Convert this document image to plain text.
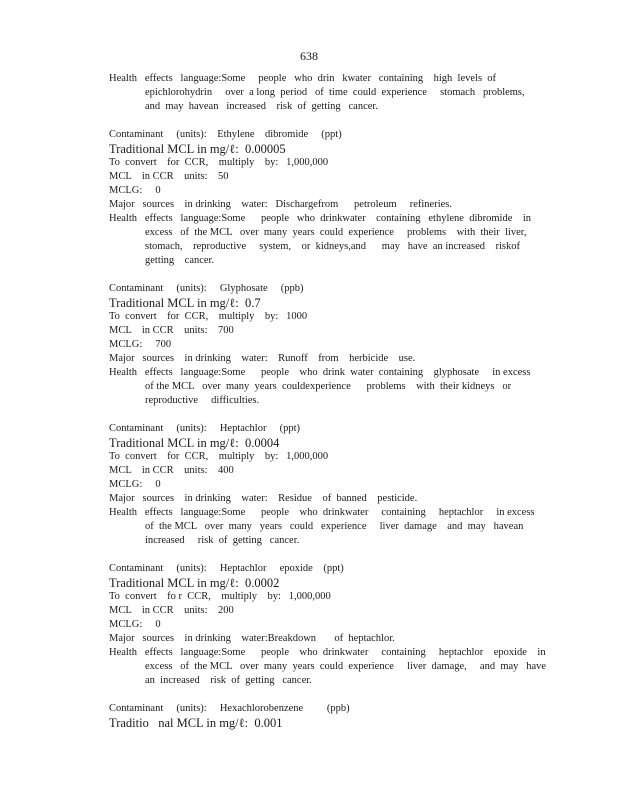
638
Health   effects   language:Some     people   who  drin   kwater   containing    high  levels  of
epichlorohydrin     over  a long  period   of  time  could  experience     stomach   problems,
and  may  havean   increased    risk  of  getting   cancer.
Contaminant     (units):    Ethylene    dibromide     (ppt)
Traditional MCL in mg/ℓ:  0.00005
To  convert    for  CCR,    multiply    by:   1,000,000
MCL    in CCR    units:    50
MCLG:     0
Major   sources    in drinking    water:   Dischargefrom      petroleum     refineries.
Health   effects   language:Some      people   who  drinkwater    containing   ethylene  dibromide    in
excess   of  the MCL   over  many  years  could  experience     problems    with  their  liver,
stomach,    reproductive     system,    or  kidneys,and      may   have  an increased    riskof
getting    cancer.
Contaminant     (units):     Glyphosate     (ppb)
Traditional MCL in mg/ℓ:  0.7
To  convert    for  CCR,    multiply    by:   1000
MCL    in CCR    units:    700
MCLG:     700
Major   sources    in drinking    water:    Runoff    from    herbicide    use.
Health   effects   language:Some      people    who  drink  water  containing    glyphosate     in excess
of the MCL   over  many  years  couldexperience      problems    with  their kidneys   or
reproductive     difficulties.
Contaminant     (units):     Heptachlor     (ppt)
Traditional MCL in mg/ℓ:  0.0004
To  convert    for  CCR,    multiply    by:   1,000,000
MCL    in CCR    units:    400
MCLG:     0
Major   sources    in drinking    water:    Residue    of  banned    pesticide.
Health   effects   language:Some      people    who  drinkwater     containing     heptachlor     in excess
of  the MCL   over  many   years   could   experience     liver  damage    and  may   havean
increased     risk  of  getting   cancer.
Contaminant     (units):     Heptachlor     epoxide    (ppt)
Traditional MCL in mg/ℓ:  0.0002
To  convert    fo r  CCR,    multiply    by:   1,000,000
MCL    in CCR    units:    200
MCLG:     0
Major   sources    in drinking    water:Breakdown       of  heptachlor.
Health   effects   language:Some      people    who  drinkwater     containing     heptachlor    epoxide    in
excess   of  the MCL   over  many  years  could  experience     liver  damage,     and  may   have
an  increased    risk  of  getting   cancer.
Contaminant     (units):     Hexachlorobenzene         (ppb)
Traditio   nal MCL in mg/ℓ:  0.001
